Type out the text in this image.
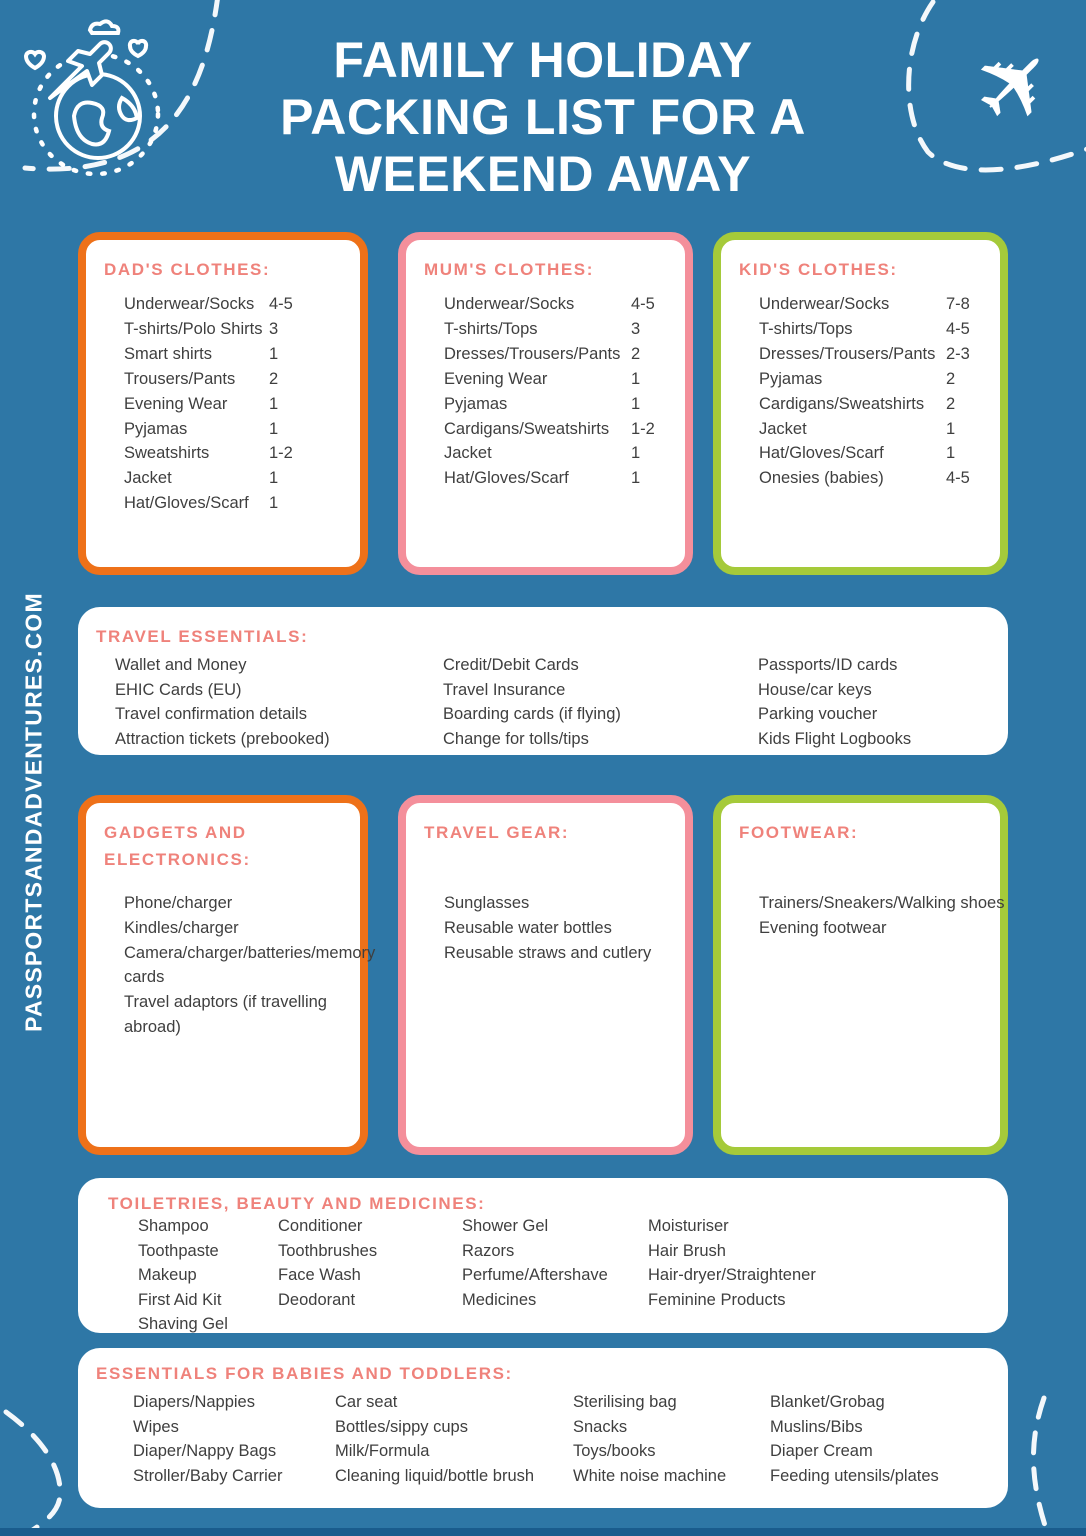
✈
FAMILY HOLIDAY
PACKING LIST FOR A
WEEKEND AWAY
PASSPORTSANDADVENTURES.COM
DAD'S CLOTHES:
Underwear/Socks 4-5
T-shirts/Polo Shirts 3
Smart shirts	1
Trousers/Pants	2
Evening Wear	1
Pyjamas	1
Sweatshirts	1-2
Jacket	1
Hat/Gloves/Scarf	1
MUM'S CLOTHES:
Underwear/Socks	4-5
T-shirts/Tops	3
Dresses/Trousers/Pants 2
Evening Wear	1
Pyjamas	1
Cardigans/Sweatshirts	1-2
Jacket	1
Hat/Gloves/Scarf	1
KID'S CLOTHES:
Underwear/Socks	7-8
T-shirts/Tops	4-5
Dresses/Trousers/Pants 2-3
Pyjamas	2
Cardigans/Sweatshirts	2
Jacket	1
Hat/Gloves/Scarf	1
Onesies (babies)	4-5
TRAVEL ESSENTIALS:
Wallet and Money
EHIC Cards (EU)
Travel confirmation details
Attraction tickets (prebooked)
Credit/Debit Cards
Travel Insurance
Boarding cards (if flying)
Change for tolls/tips
Passports/ID cards
House/car keys
Parking voucher
Kids Flight Logbooks
GADGETS AND ELECTRONICS:
Phone/charger
Kindles/charger
Camera/charger/batteries/memory cards
Travel adaptors (if travelling abroad)
TRAVEL GEAR:
Sunglasses
Reusable water bottles
Reusable straws and cutlery
FOOTWEAR:
Trainers/Sneakers/Walking shoes
Evening footwear
TOILETRIES, BEAUTY AND MEDICINES:
Shampoo
Toothpaste
Makeup
First Aid Kit
Shaving Gel
Conditioner
Toothbrushes
Face Wash
Deodorant
Shower Gel
Razors
Perfume/Aftershave
Medicines
Moisturiser
Hair Brush
Hair-dryer/Straightener
Feminine Products
ESSENTIALS FOR BABIES AND TODDLERS:
Diapers/Nappies
Wipes
Diaper/Nappy Bags
Stroller/Baby Carrier
Car seat
Bottles/sippy cups
Milk/Formula
Cleaning liquid/bottle brush
Sterilising bag
Snacks
Toys/books
White noise machine
Blanket/Grobag
Muslins/Bibs
Diaper Cream
Feeding utensils/plates
